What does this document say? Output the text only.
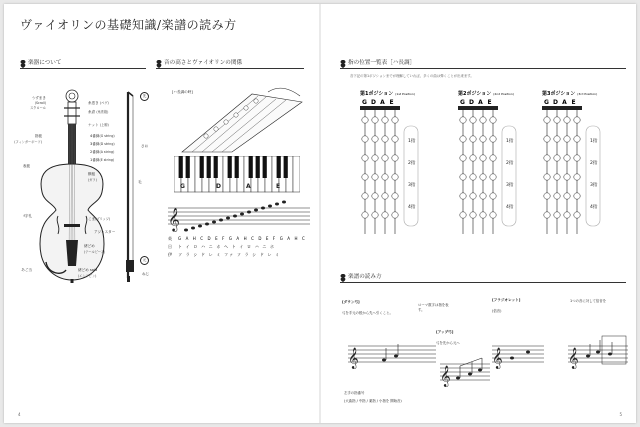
ヴァイオリンの基礎知識/楽譜の読み方
楽器について	音の高さとヴァイオリンの関係
うずまき
(Scroll)
スクロール
指板
(フィンガーボード)
表板
f字孔
あご当
糸巻き (ペグ)
糸倉 (糸巻箱)
ナット (上駒)
4番線(G string)
3番線(D string)
2番線(A string)
1番線(E string)
横板
(ガラ)
こま(ブリッジ)
アジャスター
緒どめ
(テールピース)
緒どめ said
(エンドピン)
先
さお
毛
元
毛箱
ねじ
[ハ長調の時]
G	D	A	E
𝄞
英	G A H C D E F G A H C D E F G A H C
日	ト イ ロ ハ ニ ホ ヘ ト イ ロ ハ ニ ホ
伊	ソ ラ シ ド レ ミ ファ ソ ラ シ ド レ ミ
4
指の位置一覧表［ハ長調］
各下記の第1ポジションまでが理解していれば、多くの曲は弾くことが出来ます。
第1ポジション (1st Position)
G D A E
1指
2指
3指
4指
第2ポジション (2nd Position)
G D A E
1指
2指
3指
4指
第3ポジション (3rd Position)
G D A E
1指
2指
3指
4指
楽譜の読み方
[ダウン弓]
弓を手元の根から先へ引くこと。
ローマ数字は指を表す。
[アップ弓]
弓を先から元へ
[フラジオレット]
(倍音)
1つの音に対して倍音を
𝄞
𝄞
𝄞	𝄞
左手の指番号
(大曲指 / 中指 / 薬指 / 小指を 開始音)
5
